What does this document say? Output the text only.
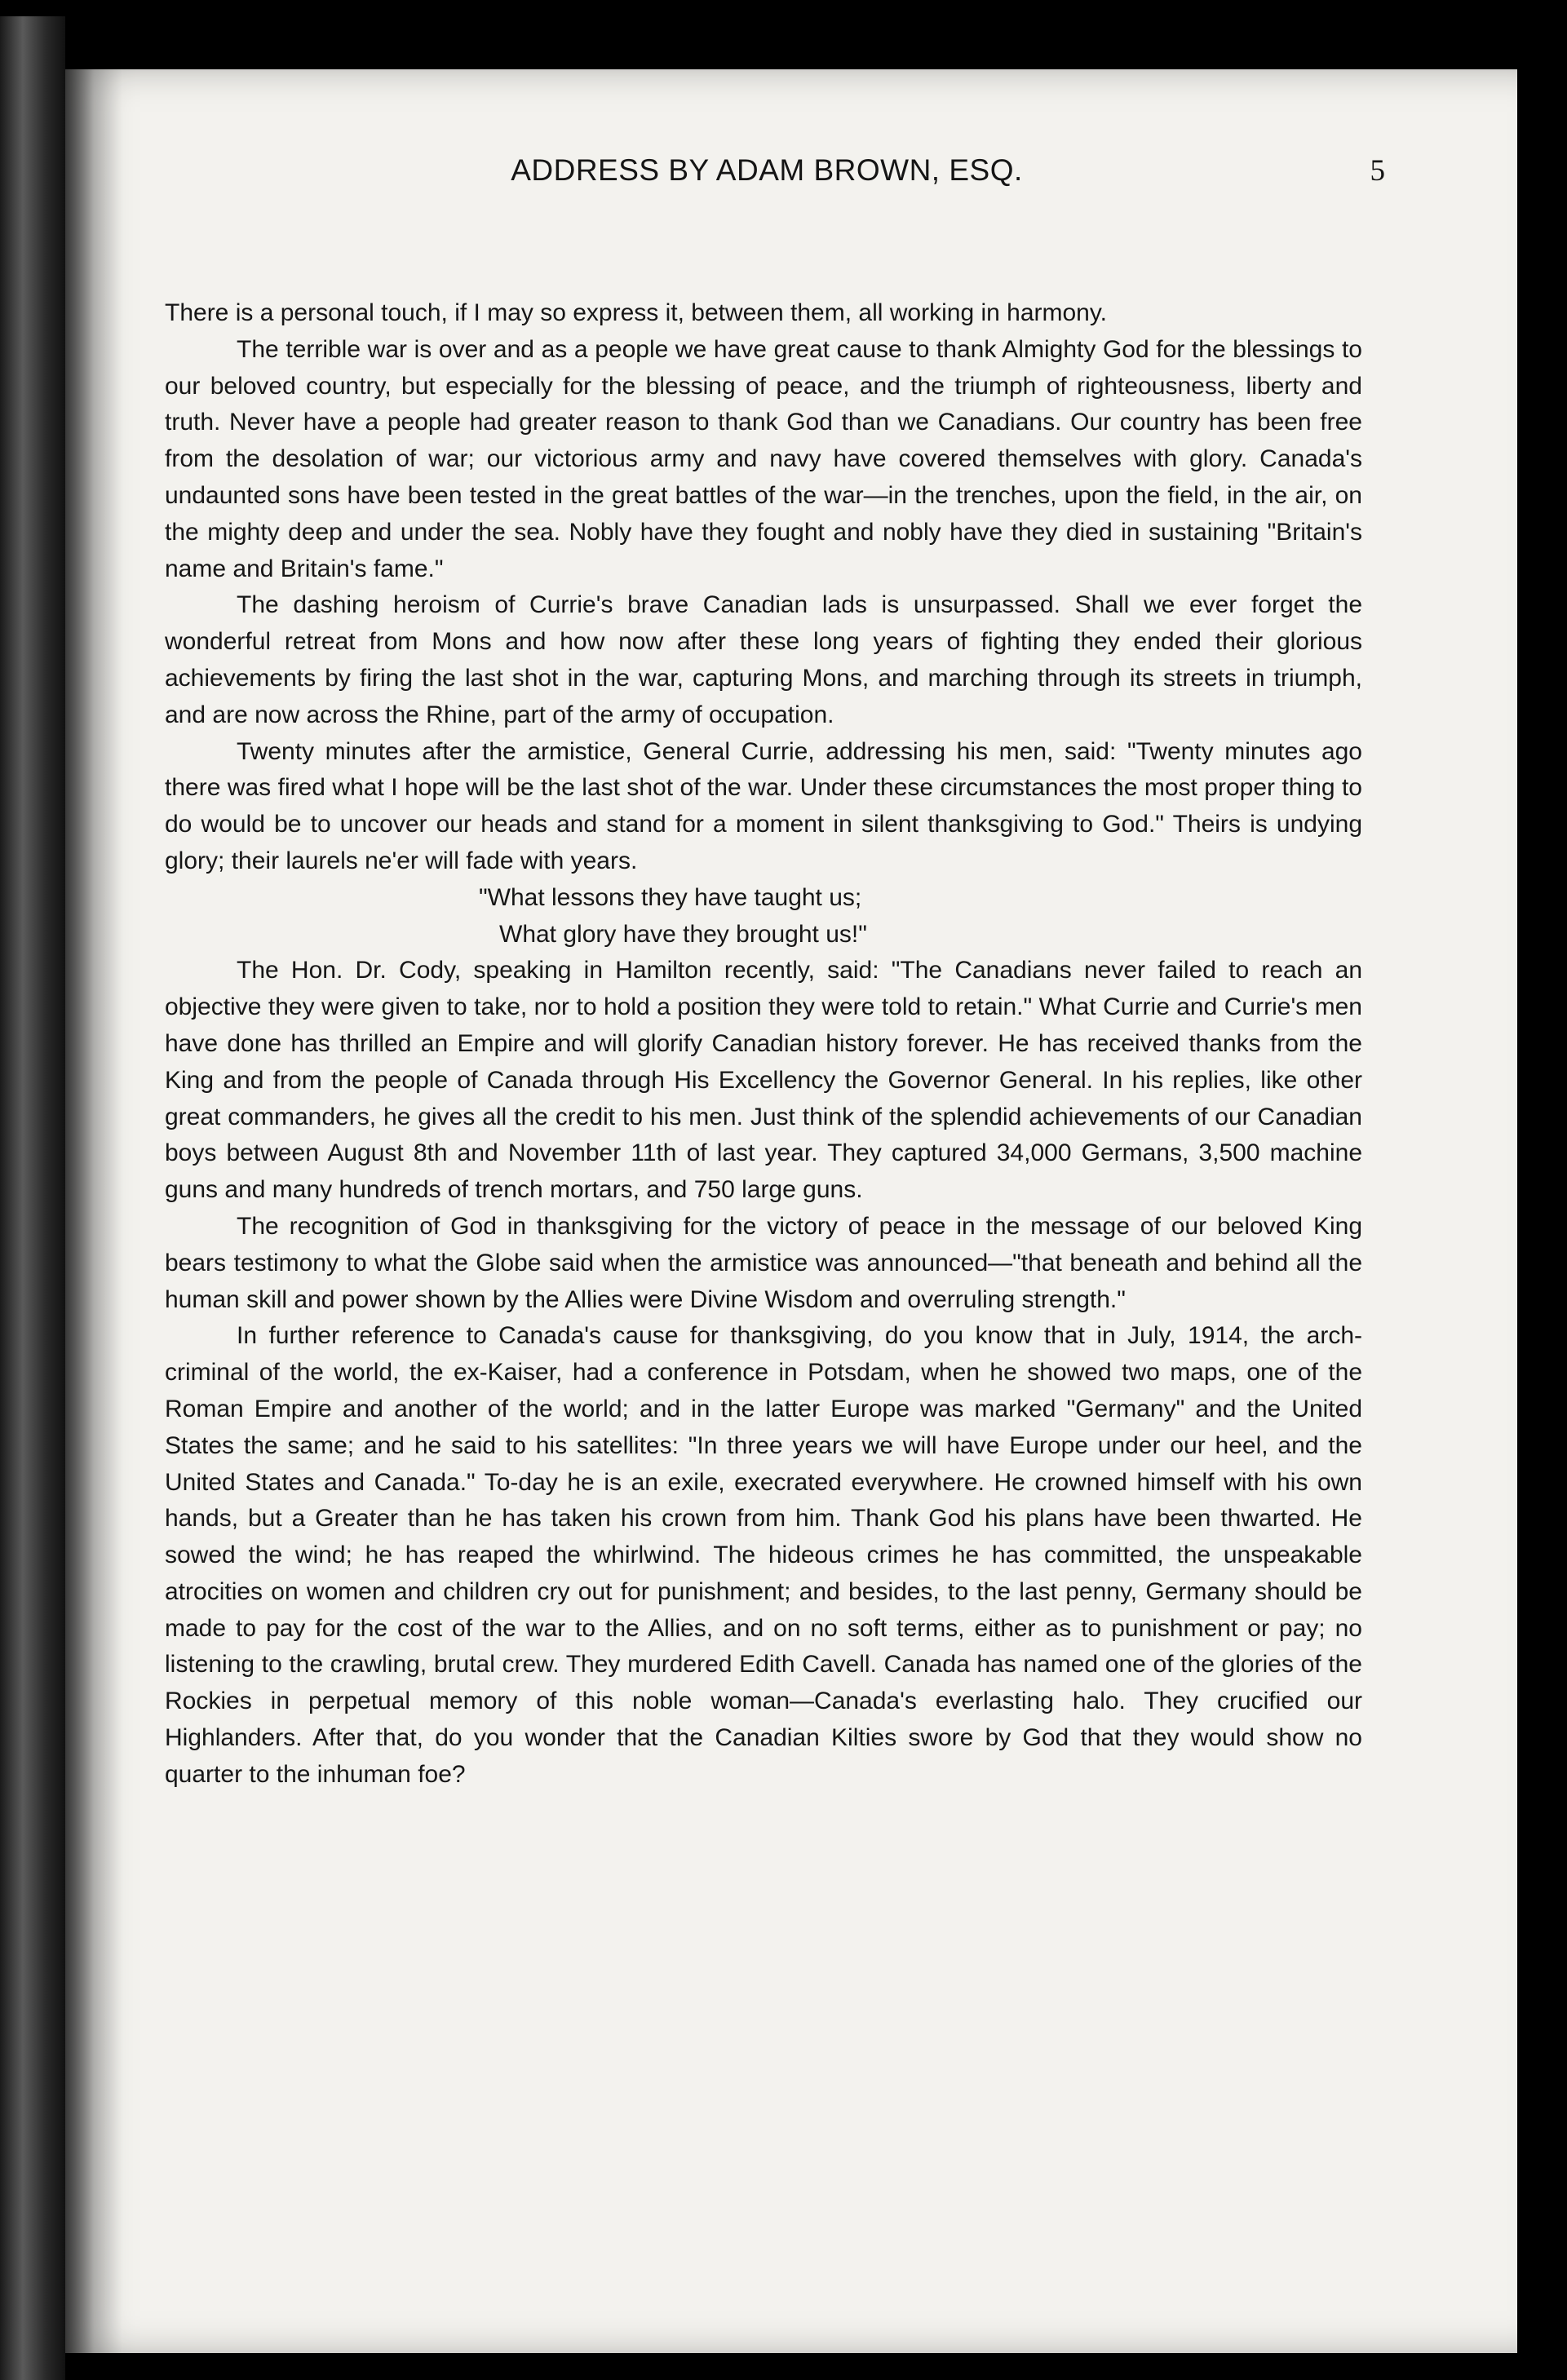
ADDRESS BY ADAM BROWN, ESQ.	5

There is a personal touch, if I may so express it, between them, all working in harmony.

The terrible war is over and as a people we have great cause to thank Almighty God for the blessings to our beloved country, but especially for the blessing of peace, and the triumph of righteousness, liberty and truth. Never have a people had greater reason to thank God than we Canadians. Our country has been free from the desolation of war; our victorious army and navy have covered themselves with glory. Canada's undaunted sons have been tested in the great battles of the war—in the trenches, upon the field, in the air, on the mighty deep and under the sea. Nobly have they fought and nobly have they died in sustaining "Britain's name and Britain's fame."

The dashing heroism of Currie's brave Canadian lads is unsurpassed. Shall we ever forget the wonderful retreat from Mons and how now after these long years of fighting they ended their glorious achievements by firing the last shot in the war, capturing Mons, and marching through its streets in triumph, and are now across the Rhine, part of the army of occupation.

Twenty minutes after the armistice, General Currie, addressing his men, said: "Twenty minutes ago there was fired what I hope will be the last shot of the war. Under these circumstances the most proper thing to do would be to uncover our heads and stand for a moment in silent thanksgiving to God." Theirs is undying glory; their laurels ne'er will fade with years.

"What lessons they have taught us;
What glory have they brought us!"

The Hon. Dr. Cody, speaking in Hamilton recently, said: "The Canadians never failed to reach an objective they were given to take, nor to hold a position they were told to retain." What Currie and Currie's men have done has thrilled an Empire and will glorify Canadian history forever. He has received thanks from the King and from the people of Canada through His Excellency the Governor General. In his replies, like other great commanders, he gives all the credit to his men. Just think of the splendid achievements of our Canadian boys between August 8th and November 11th of last year. They captured 34,000 Germans, 3,500 machine guns and many hundreds of trench mortars, and 750 large guns.

The recognition of God in thanksgiving for the victory of peace in the message of our beloved King bears testimony to what the Globe said when the armistice was announced—"that beneath and behind all the human skill and power shown by the Allies were Divine Wisdom and overruling strength."

In further reference to Canada's cause for thanksgiving, do you know that in July, 1914, the arch-criminal of the world, the ex-Kaiser, had a conference in Potsdam, when he showed two maps, one of the Roman Empire and another of the world; and in the latter Europe was marked "Germany" and the United States the same; and he said to his satellites: "In three years we will have Europe under our heel, and the United States and Canada." To-day he is an exile, execrated everywhere. He crowned himself with his own hands, but a Greater than he has taken his crown from him. Thank God his plans have been thwarted. He sowed the wind; he has reaped the whirlwind. The hideous crimes he has committed, the unspeakable atrocities on women and children cry out for punishment; and besides, to the last penny, Germany should be made to pay for the cost of the war to the Allies, and on no soft terms, either as to punishment or pay; no listening to the crawling, brutal crew. They murdered Edith Cavell. Canada has named one of the glories of the Rockies in perpetual memory of this noble woman—Canada's everlasting halo. They crucified our Highlanders. After that, do you wonder that the Canadian Kilties swore by God that they would show no quarter to the inhuman foe?
